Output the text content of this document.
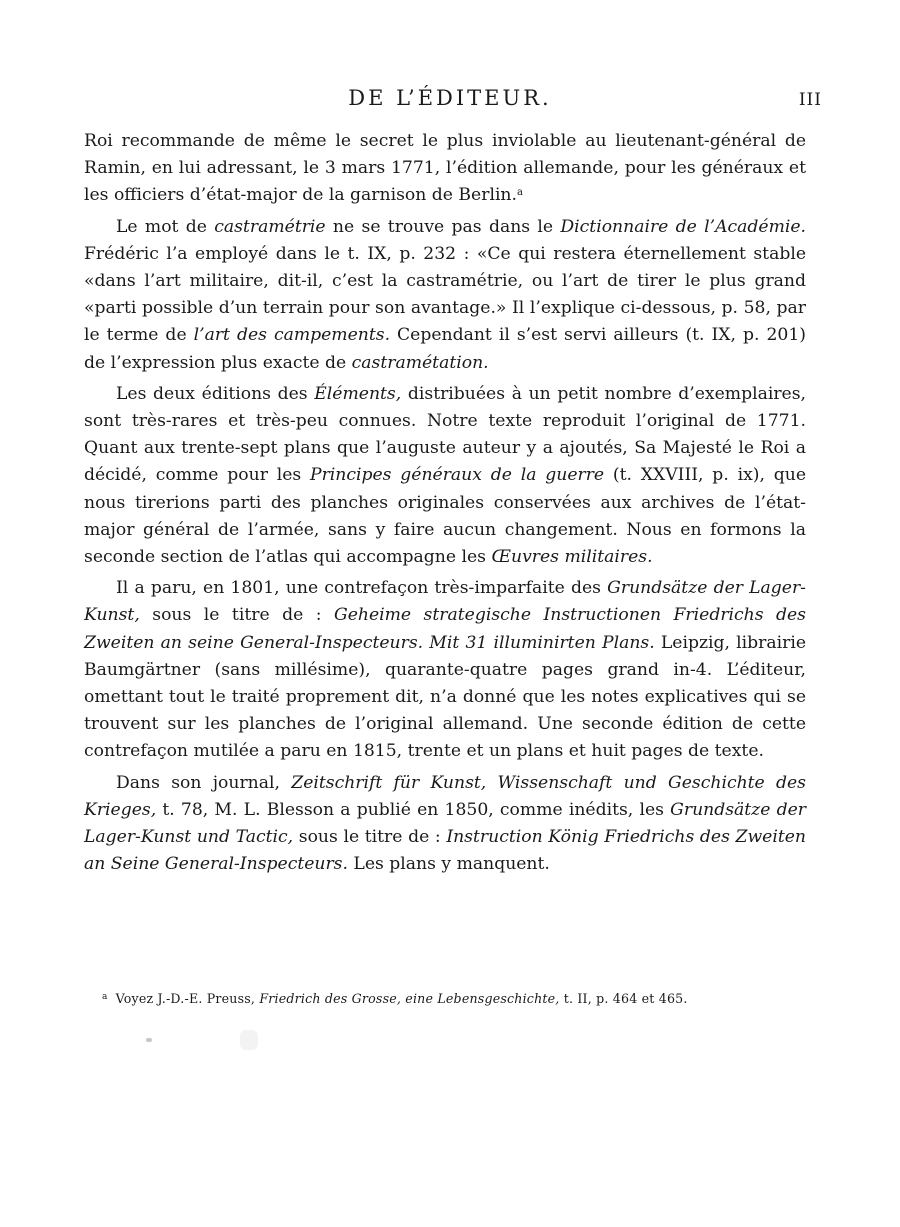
DE L’ÉDITEUR.	III

Roi recommande de même le secret le plus inviolable au lieutenant-général de Ramin, en lui adressant, le 3 mars 1771, l’édition allemande, pour les généraux et les officiers d’état-major de la garnison de Berlin.$^a$

Le mot de castramétrie ne se trouve pas dans le Dictionnaire de l’Académie. Frédéric l’a employé dans le t. IX, p. 232 : «Ce qui restera éternellement stable «dans l’art militaire, dit-il, c’est la castramétrie, ou l’art de tirer le plus grand «parti possible d’un terrain pour son avantage.» Il l’explique ci-dessous, p. 58, par le terme de l’art des campements. Cependant il s’est servi ailleurs (t. IX, p. 201) de l’expression plus exacte de castramétation.

Les deux éditions des Éléments, distribuées à un petit nombre d’exemplaires, sont très-rares et très-peu connues. Notre texte reproduit l’original de 1771. Quant aux trente-sept plans que l’auguste auteur y a ajoutés, Sa Majesté le Roi a décidé, comme pour les Principes généraux de la guerre (t. XXVIII, p. ix), que nous tirerions parti des planches originales conservées aux archives de l’état-major général de l’armée, sans y faire aucun changement. Nous en formons la seconde section de l’atlas qui accompagne les Œuvres militaires.

Il a paru, en 1801, une contrefaçon très-imparfaite des Grundsätze der Lager-Kunst, sous le titre de : Geheime strategische Instructionen Friedrichs des Zweiten an seine General-Inspecteurs. Mit 31 illuminirten Plans. Leipzig, librairie Baumgärtner (sans millésime), quarante-quatre pages grand in-4. L’éditeur, omettant tout le traité proprement dit, n’a donné que les notes explicatives qui se trouvent sur les planches de l’original allemand. Une seconde édition de cette contrefaçon mutilée a paru en 1815, trente et un plans et huit pages de texte.

Dans son journal, Zeitschrift für Kunst, Wissenschaft und Geschichte des Krieges, t. 78, M. L. Blesson a publié en 1850, comme inédits, les Grundsätze der Lager-Kunst und Tactic, sous le titre de : Instruction König Friedrichs des Zweiten an Seine General-Inspecteurs. Les plans y manquent.

$^a$ Voyez J.-D.-E. Preuss, Friedrich des Grosse, eine Lebensgeschichte, t. II, p. 464 et 465.
